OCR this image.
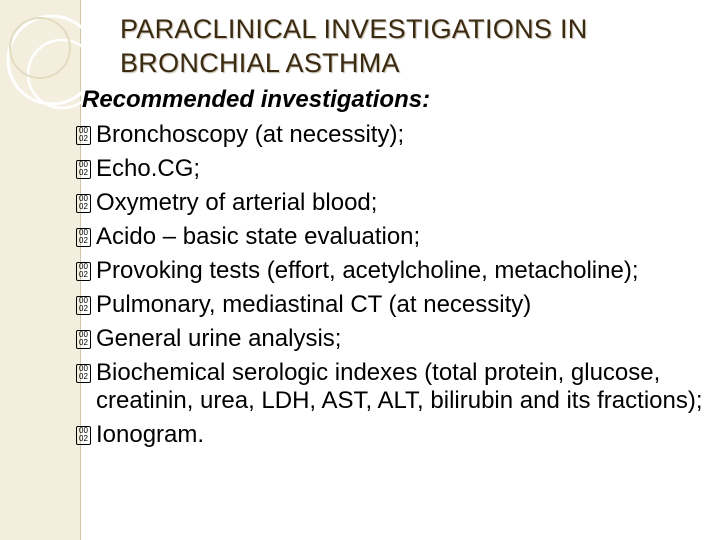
PARACLINICAL INVESTIGATIONS IN
BRONCHIAL ASTHMA
Recommended investigations:
00
02 Bronchoscopy (at necessity);
00
02 Echo.CG;
00
02 Oxymetry of arterial blood;
00
02 Acido – basic state evaluation;
00
02 Provoking tests (effort, acetylcholine, metacholine);
00
02 Pulmonary, mediastinal CT (at necessity)
00
02 General urine analysis;
00
02 Biochemical serologic indexes (total protein, glucose, creatinin, urea, LDH, AST, ALT, bilirubin and its fractions);
00
02 Ionogram.
